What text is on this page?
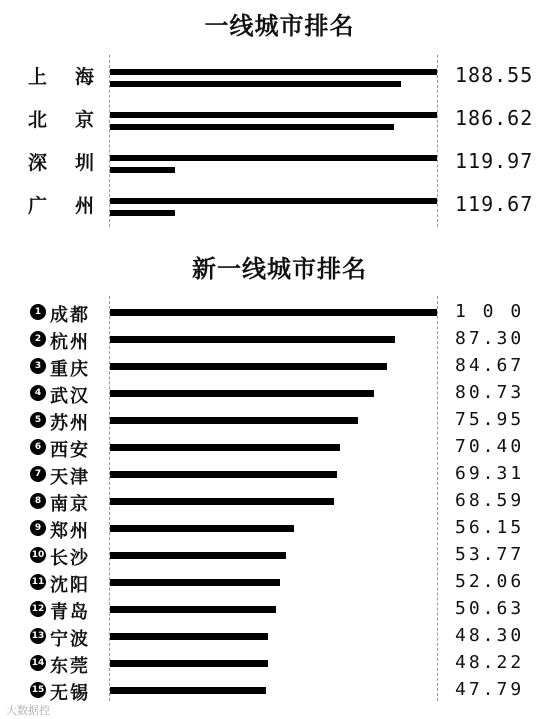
一线城市排名
上 海	188.55
北 京	186.62
深 圳	119.97
广 州	119.67
新一线城市排名
1 成都	1 0 0
2 杭州	87.30
3 重庆	84.67
4 武汉	80.73
5 苏州	75.95
6 西安	70.40
7 天津	69.31
8 南京	68.59
9 郑州	56.15
10 长沙	53.77
11 沈阳	52.06
12 青岛	50.63
13 宁波	48.30
14 东莞	48.22
15 无锡	47.79
大数据控
